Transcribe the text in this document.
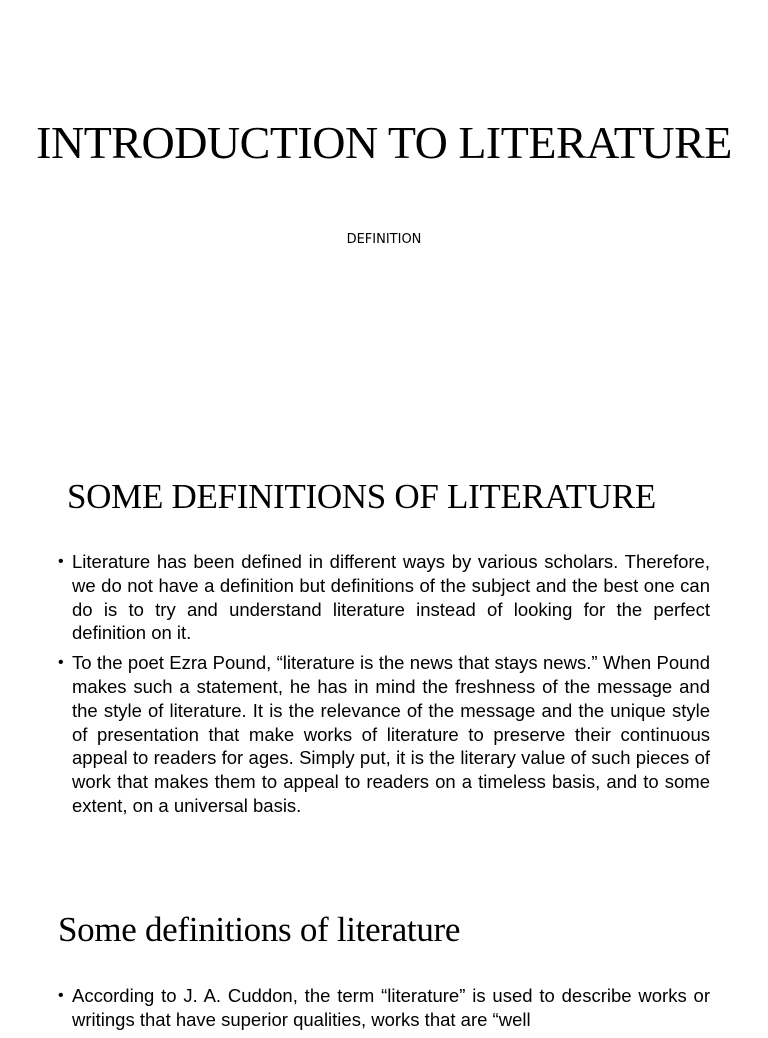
INTRODUCTION TO LITERATURE
DEFINITION
SOME DEFINITIONS OF LITERATURE
• Literature has been defined in different ways by various scholars. Therefore, we do not have a definition but definitions of the subject and the best one can do is to try and understand literature instead of looking for the perfect definition on it.
• To the poet Ezra Pound, “literature is the news that stays news.” When Pound makes such a statement, he has in mind the freshness of the message and the style of literature. It is the relevance of the message and the unique style of presentation that make works of literature to preserve their continuous appeal to readers for ages. Simply put, it is the literary value of such pieces of work that makes them to appeal to readers on a timeless basis, and to some extent, on a universal basis.
Some definitions of literature
• According to J. A. Cuddon, the term “literature” is used to describe works or writings that have superior qualities, works that are “well
